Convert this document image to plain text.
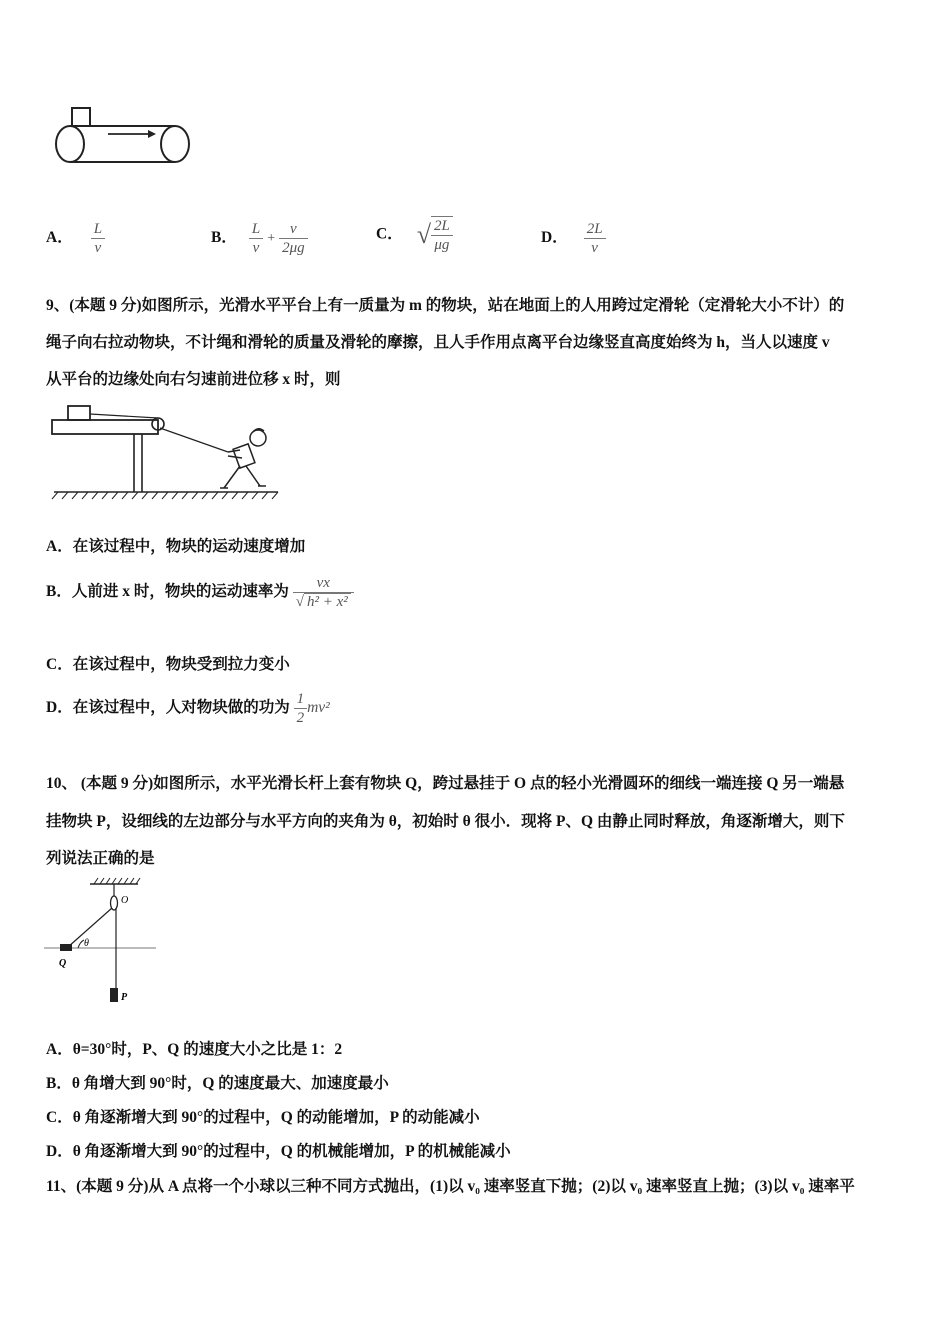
A． $\frac{L}{v}$	B． $\frac{L}{v} + \frac{v}{2\mu g}$	C． √ $\frac{2L}{\mu g}$	D． $\frac{2L}{v}$
9、(本题 9 分)如图所示，光滑水平平台上有一质量为 m 的物块，站在地面上的人用跨过定滑轮（定滑轮大小不计）的
绳子向右拉动物块，不计绳和滑轮的质量及滑轮的摩擦，且人手作用点离平台边缘竖直高度始终为 h，当人以速度 v
从平台的边缘处向右匀速前进位移 x 时，则
A．在该过程中，物块的运动速度增加
B．人前进 x 时，物块的运动速率为 $\frac{vx}{\text{√ h² + x²}}$
C．在该过程中，物块受到拉力变小
D．在该过程中，人对物块做的功为 $\frac{1}{2} mv^2$
10、 (本题 9 分)如图所示，水平光滑长杆上套有物块 Q，跨过悬挂于 O 点的轻小光滑圆环的细线一端连接 Q 另一端悬
挂物块 P，设细线的左边部分与水平方向的夹角为 θ，初始时 θ 很小．现将 P、Q 由静止同时释放，角逐渐增大，则下
列说法正确的是
O
θ
Q
P
A．θ=30°时，P、Q 的速度大小之比是 1：2
B．θ 角增大到 90°时，Q 的速度最大、加速度最小
C．θ 角逐渐增大到 90°的过程中，Q 的动能增加，P 的动能减小
D．θ 角逐渐增大到 90°的过程中，Q 的机械能增加，P 的机械能减小
11、(本题 9 分)从 A 点将一个小球以三种不同方式抛出，(1)以 v₀ 速率竖直下抛；(2)以 v₀ 速率竖直上抛；(3)以 v₀ 速率平
